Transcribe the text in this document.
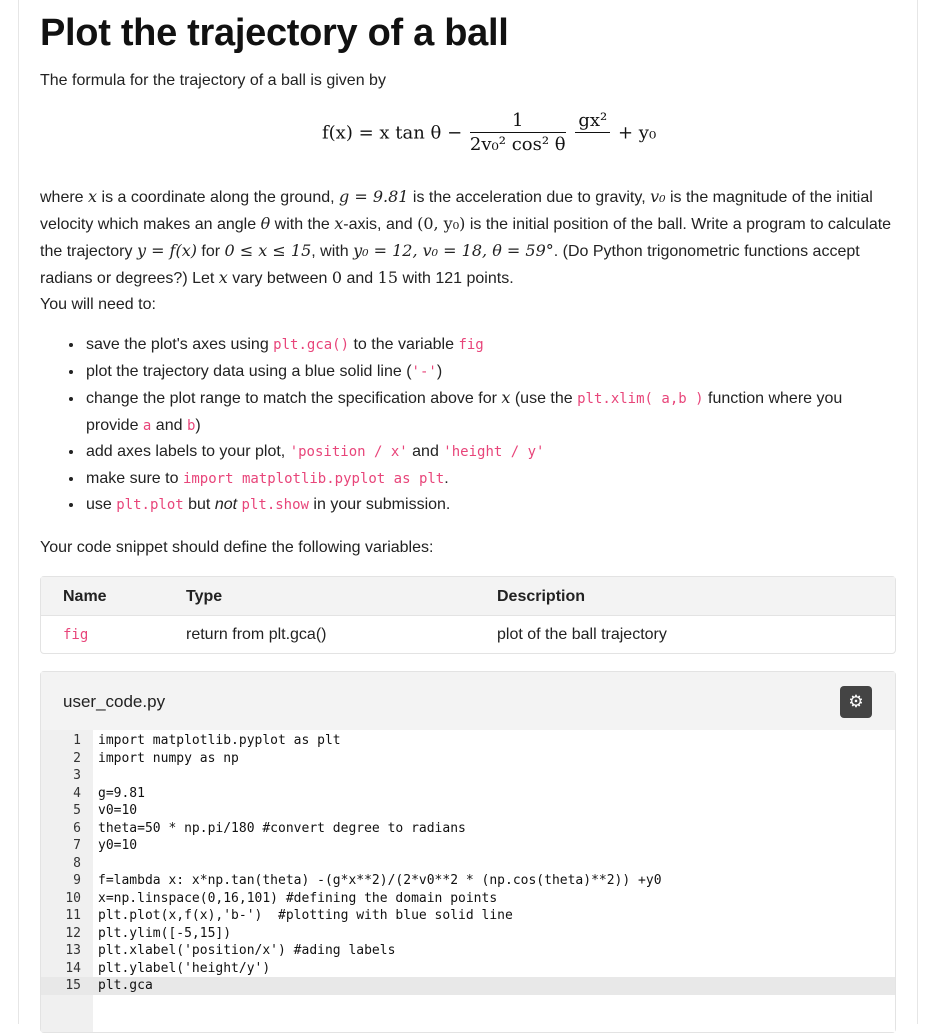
Plot the trajectory of a ball

The formula for the trajectory of a ball is given by

f(x) = x $\tan \theta - \frac{1}{\text{2v₀² cos² θ}}$
gx²

+ y₀

where x is a coordinate along the ground, g = 9.81 is the acceleration due to gravity, v₀ is the magnitude of the initial velocity which makes an angle θ with the x-axis, and (0, y₀) is the initial position of the ball. Write a program to calculate the trajectory y = f(x) for 0 ≤ x ≤ 15, with y₀ = 12, v₀ = 18, θ = 59°. (Do Python trigonometric functions accept radians or degrees?) Let x vary between 0 and 15 with 121 points.
You will need to:

• save the plot's axes using plt.gca() to the variable fig
• plot the trajectory data using a blue solid line ('-')
• change the plot range to match the specification above for x (use the plt.xlim( a,b ) function where you provide a and b)
• add axes labels to your plot, 'position / x' and 'height / y'
• make sure to import matplotlib.pyplot as plt.
• use plt.plot but not plt.show in your submission.

Your code snippet should define the following variables:

Name	Type	Description
fig	return from plt.gca()	plot of the ball trajectory
user_code.py	⚙
1 import matplotlib.pyplot as plt
2 import numpy as np
3
4 g=9.81
5 v0=10
6 theta=50 * np.pi/180 #convert degree to radians
7 y0=10
8
9 f=lambda x: x*np.tan(theta) -(g*x**2)/(2*v0**2 * (np.cos(theta)**2)) +y0
10 x=np.linspace(0,16,101) #defining the domain points
11 plt.plot(x,f(x),'b-')  #plotting with blue solid line
12 plt.ylim([-5,15])
13 plt.xlabel('position/x') #ading labels
14 plt.ylabel('height/y')
15 plt.gca
